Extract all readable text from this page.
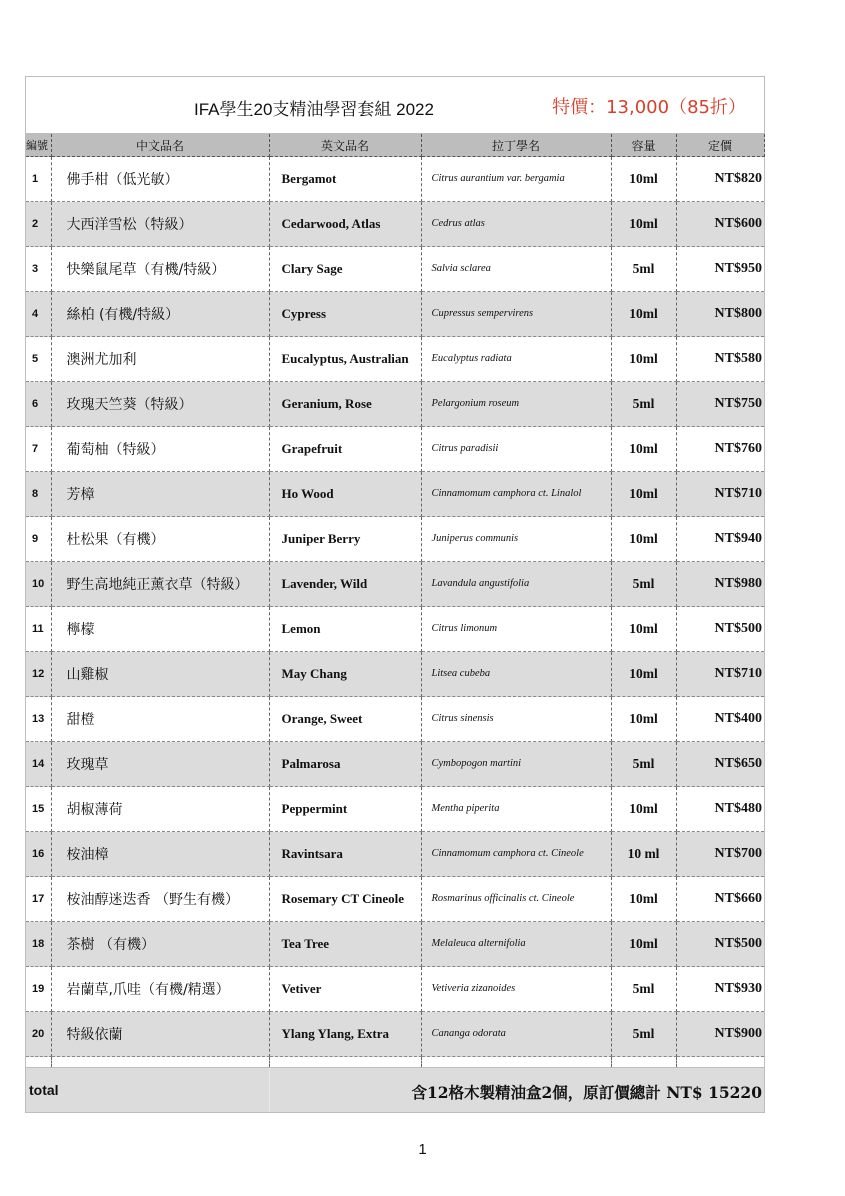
IFA學生20支精油學習套組 2022	特價：13,000（85折）
編號	中文品名	英文品名	拉丁學名	容量	定價
1	佛手柑（低光敏）	Bergamot	Citrus aurantium var. bergamia	10ml	NT$820
2	大西洋雪松（特級）	Cedarwood, Atlas	Cedrus atlas	10ml	NT$600
3	快樂鼠尾草（有機/特級）	Clary Sage	Salvia sclarea	5ml	NT$950
4	絲柏 (有機/特級）	Cypress	Cupressus sempervirens	10ml	NT$800
5	澳洲尤加利	Eucalyptus, Australian	Eucalyptus radiata	10ml	NT$580
6	玫瑰天竺葵（特級）	Geranium, Rose	Pelargonium roseum	5ml	NT$750
7	葡萄柚（特級）	Grapefruit	Citrus paradisii	10ml	NT$760
8	芳樟	Ho Wood	Cinnamomum camphora ct. Linalol	10ml	NT$710
9	杜松果（有機）	Juniper Berry	Juniperus communis	10ml	NT$940
10	野生高地純正薰衣草（特級）	Lavender, Wild	Lavandula angustifolia	5ml	NT$980
11	檸檬	Lemon	Citrus limonum	10ml	NT$500
12	山雞椒	May Chang	Litsea cubeba	10ml	NT$710
13	甜橙	Orange, Sweet	Citrus sinensis	10ml	NT$400
14	玫瑰草	Palmarosa	Cymbopogon martini	5ml	NT$650
15	胡椒薄荷	Peppermint	Mentha piperita	10ml	NT$480
16	桉油樟	Ravintsara	Cinnamomum camphora ct. Cineole	10 ml	NT$700
17	桉油醇迷迭香 （野生有機）	Rosemary CT Cineole	Rosmarinus officinalis ct. Cineole	10ml	NT$660
18	茶樹 （有機）	Tea Tree	Melaleuca alternifolia	10ml	NT$500
19	岩蘭草,爪哇（有機/精選）	Vetiver	Vetiveria zizanoides	5ml	NT$930
20	特級依蘭	Ylang Ylang, Extra	Cananga odorata	5ml	NT$900

total	含12格木製精油盒2個，原訂價總計 NT$ 15220
1
